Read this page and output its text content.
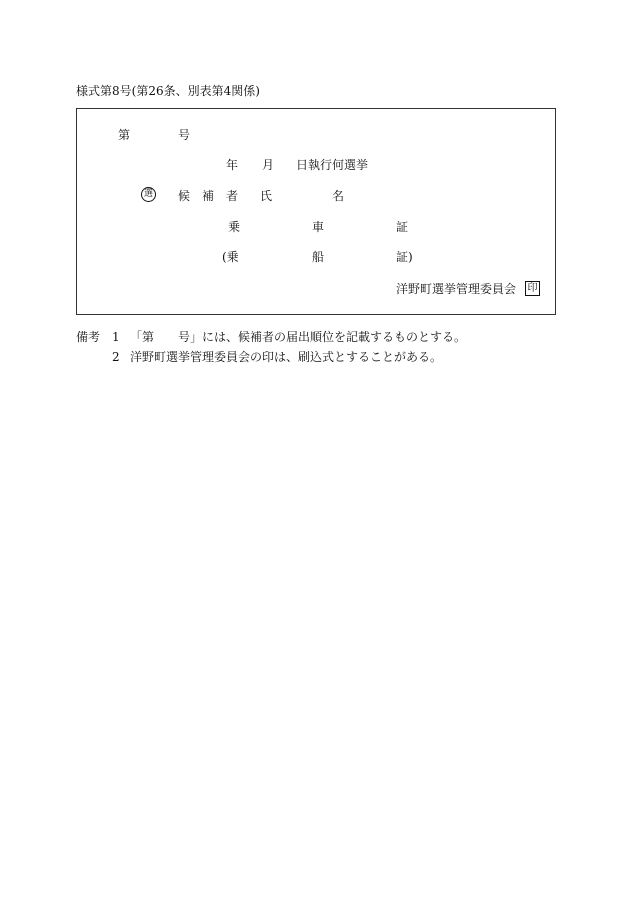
様式第8号(第26条、別表第4関係)
第	号
年 月 日執行何選挙
選 候 補 者 氏	名
乗	車	証
(乗	船	証)
洋野町選挙管理委員会 印
備考 1 「第　　号」には、候補者の届出順位を記載するものとする。
2 洋野町選挙管理委員会の印は、刷込式とすることがある。
